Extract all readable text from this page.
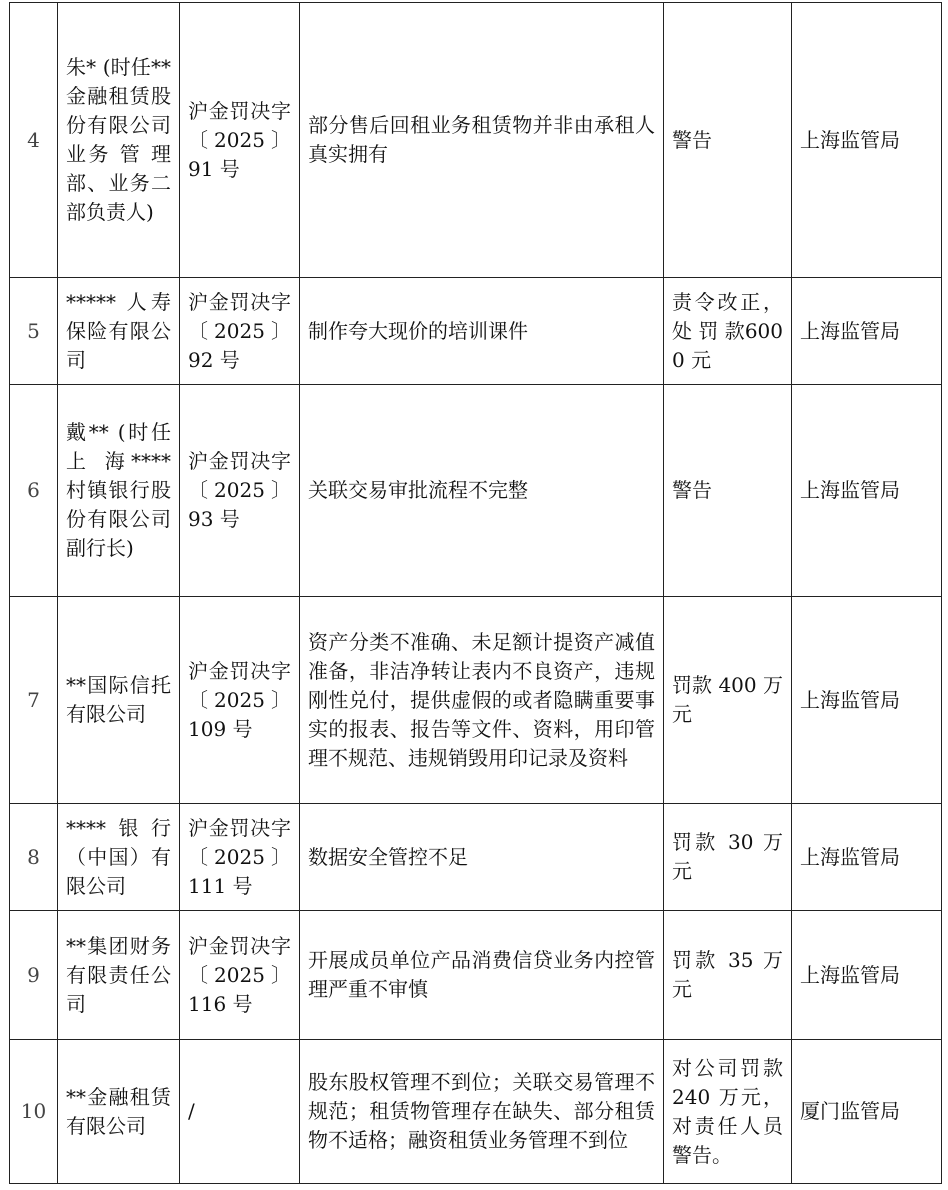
4	朱* (时任**金融租赁股份有限公司业务 管 理部、业务二部负责人)	沪金罚决字〔2025〕91 号	部分售后回租业务租赁物并非由承租人真实拥有	警告	上海监管局
5	***** 人寿保险有限公司	沪金罚决字〔2025〕92 号	制作夸大现价的培训课件	责令改正，处 罚 款6000 元	上海监管局
6	戴** (时任 上 海****村镇银行股份有限公司副行长)	沪金罚决字〔2025〕93 号	关联交易审批流程不完整	警告	上海监管局
7	**国际信托有限公司	沪金罚决字〔2025〕109 号	资产分类不准确、未足额计提资产减值准备，非洁净转让表内不良资产，违规刚性兑付，提供虚假的或者隐瞒重要事实的报表、报告等文件、资料，用印管理不规范、违规销毁用印记录及资料	罚款 400 万元	上海监管局
8	****银行（中国）有限公司	沪金罚决字〔2025〕111 号	数据安全管控不足	罚款 30 万元	上海监管局
9	**集团财务有限责任公司	沪金罚决字〔2025〕116 号	开展成员单位产品消费信贷业务内控管理严重不审慎	罚款 35 万元	上海监管局
10	**金融租赁有限公司	/	股东股权管理不到位；关联交易管理不规范；租赁物管理存在缺失、部分租赁物不适格；融资租赁业务管理不到位	对公司罚款 240 万元，对责任人员警告。	厦门监管局
